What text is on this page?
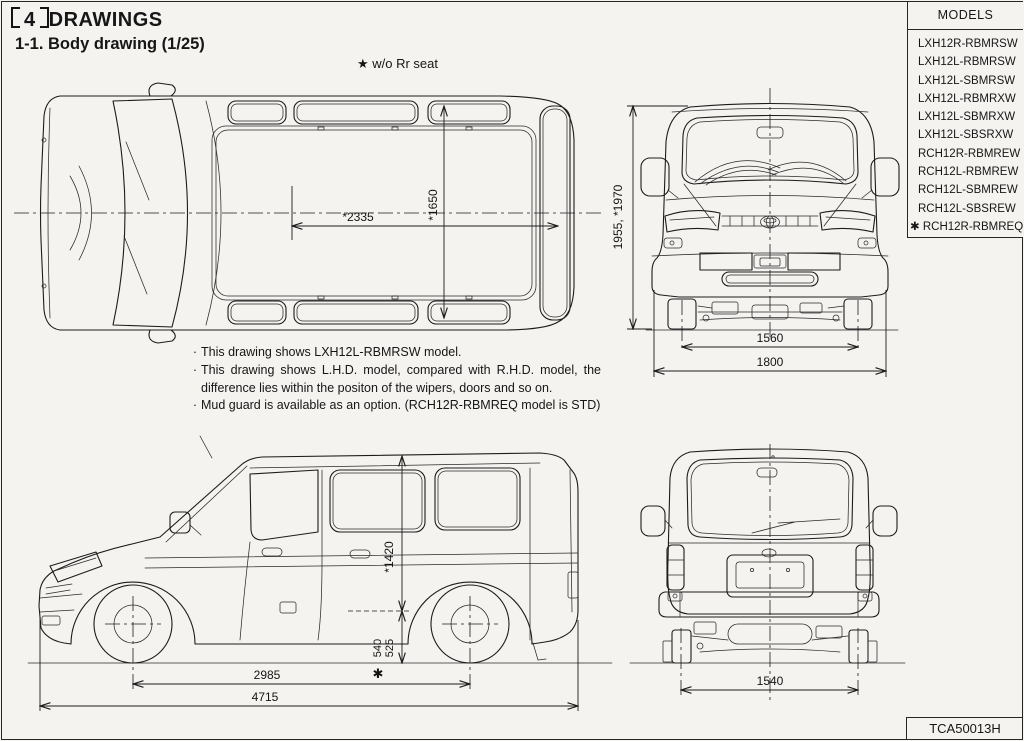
4 DRAWINGS
1-1. Body drawing (1/25)
★ w/o Rr seat
MODELS
LXH12R-RBMRSW
LXH12L-RBMRSW
LXH12L-SBMRSW
LXH12L-RBMRXW
LXH12L-SBMRXW
LXH12L-SBSRXW
RCH12R-RBMREW
RCH12L-RBMREW
RCH12L-SBMREW
RCH12L-SBSREW
✱ RCH12R-RBMREQ
· This drawing shows LXH12L-RBMRSW model.
· This drawing shows L.H.D. model, compared with R.H.D. model, the difference lies within the positon of the wipers, doors and so on.
· Mud guard is available as an option. (RCH12R-RBMREQ model is STD)
TCA50013H
*2335	*1650	1955, *1970
1560
1800
*1420
540 525
✱
2985
4715
1540
